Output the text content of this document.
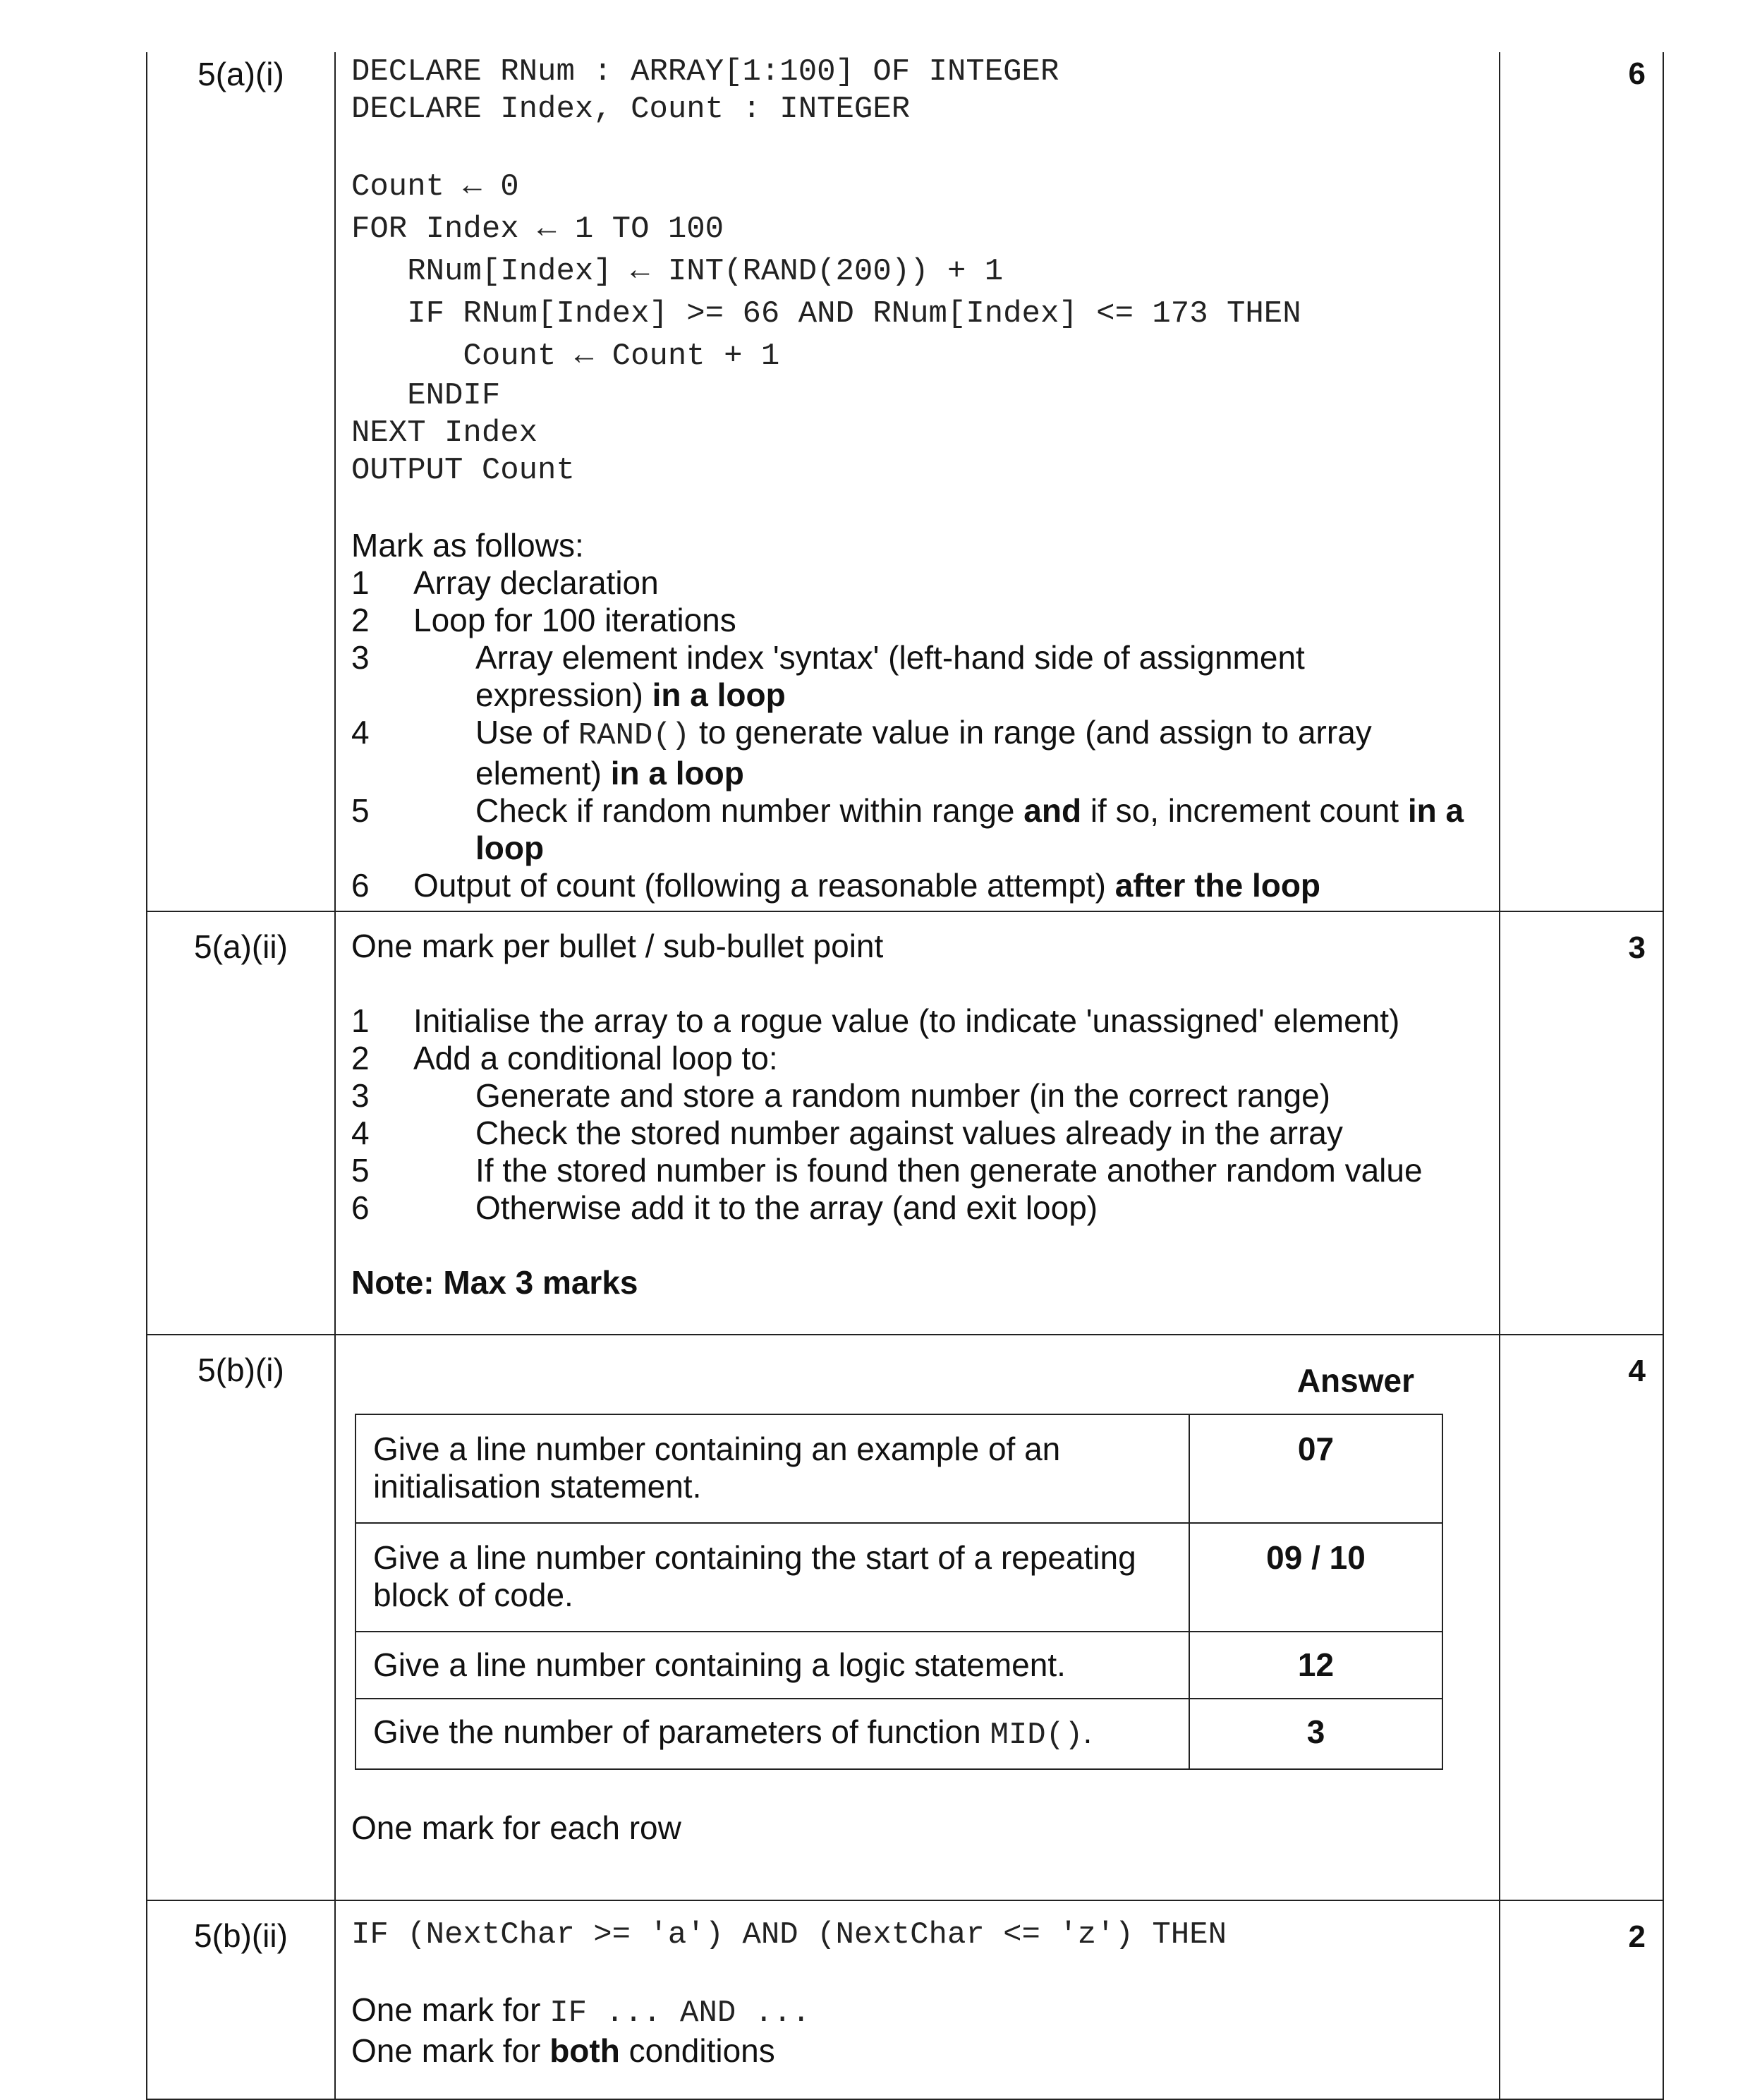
5(a)(i)	DECLARE RNum : ARRAY[1:100] OF INTEGER
DECLARE Index, Count : INTEGER
Count ← 0
FOR Index ← 1 TO 100
RNum[Index] ← INT(RAND(200)) + 1
IF RNum[Index] >= 66 AND RNum[Index] <= 173 THEN
Count ← Count + 1
ENDIF
NEXT Index
OUTPUT Count
Mark as follows:
1	Array declaration
2	Loop for 100 iterations
3	Array element index 'syntax' (left-hand side of assignment expression) in a loop
4	Use of RAND() to generate value in range (and assign to array element) in a loop
5	Check if random number within range and if so, increment count in a loop
6	Output of count (following a reasonable attempt) after the loop
	6
5(a)(ii)	One mark per bullet / sub-bullet point
1	Initialise the array to a rogue value (to indicate 'unassigned' element)
2	Add a conditional loop to:
3	Generate and store a random number (in the correct range)
4	Check the stored number against values already in the array
5	If the stored number is found then generate another random value
6	Otherwise add it to the array (and exit loop)
Note: Max 3 marks
	3
5(b)(i)	Answer
Give a line number containing an example of an initialisation statement.	07
Give a line number containing the start of a repeating block of code.	09 / 10
Give a line number containing a logic statement.	12
Give the number of parameters of function MID().	3
One mark for each row
	4
5(b)(ii)	IF (NextChar >= 'a') AND (NextChar <= 'z') THEN
One mark for IF ... AND ...
One mark for both conditions
	2
